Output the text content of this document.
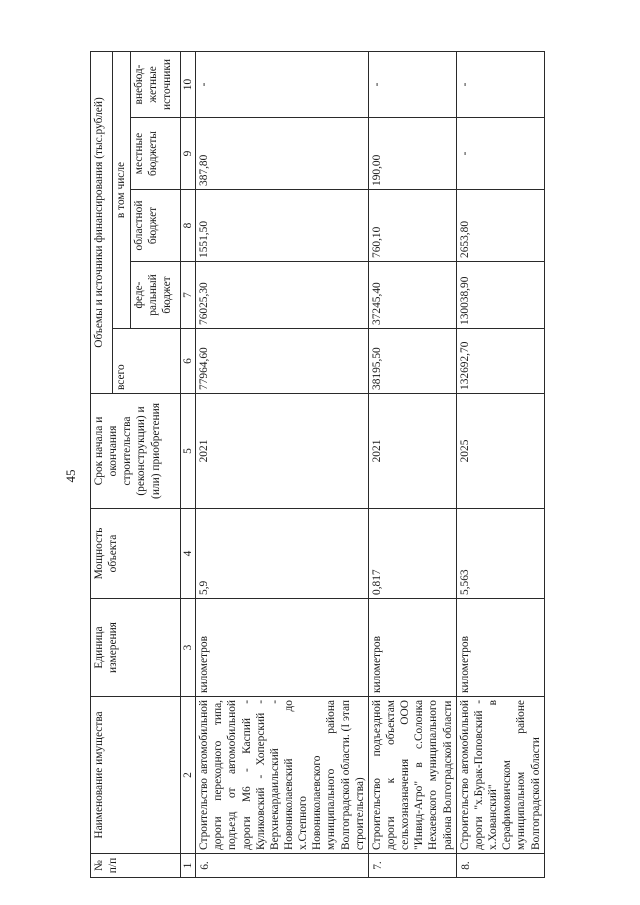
45
№ п/п	Наименование имущества	Единица измерения	Мощность объекта	Срок начала и окончания строительства (реконструкции) и (или) приобретения	Объемы и источники финансирования (тыс.рублей)				
					всего	в том числе			
						феде-ральный бюджет	областной бюджет	местные бюджеты	внебюд-жетные источники
1	2	3	4	5	6	7	8	9	10
6.	Строительство автомобильной дороги переходного типа, подъезд от автомобильной дороги М6 - Каспий - Куликовский - Хоперский - Верхнекардаильский - Новониколаевский до х.Степного Новониколаевского муниципального района Волгоградской области. (I этап строительства)	километров	5,9	2021	77964,60	76025,30	1551,50	387,80	-
7.	Строительство подъездной дороги к объектам сельхозназначения ООО "Инвид-Агро" в с.Солонка Нехаевского муниципального района Волгоградской области	километров	0,817	2021	38195,50	37245,40	760,10	190,00	-
8.	Строительство автомобильной дороги "х.Бурак-Поповский - х.Хованский" в Серафимовичском муниципальном районе Волгоградской области	километров	5,563	2025	132692,70	130038,90	2653,80	-	-
